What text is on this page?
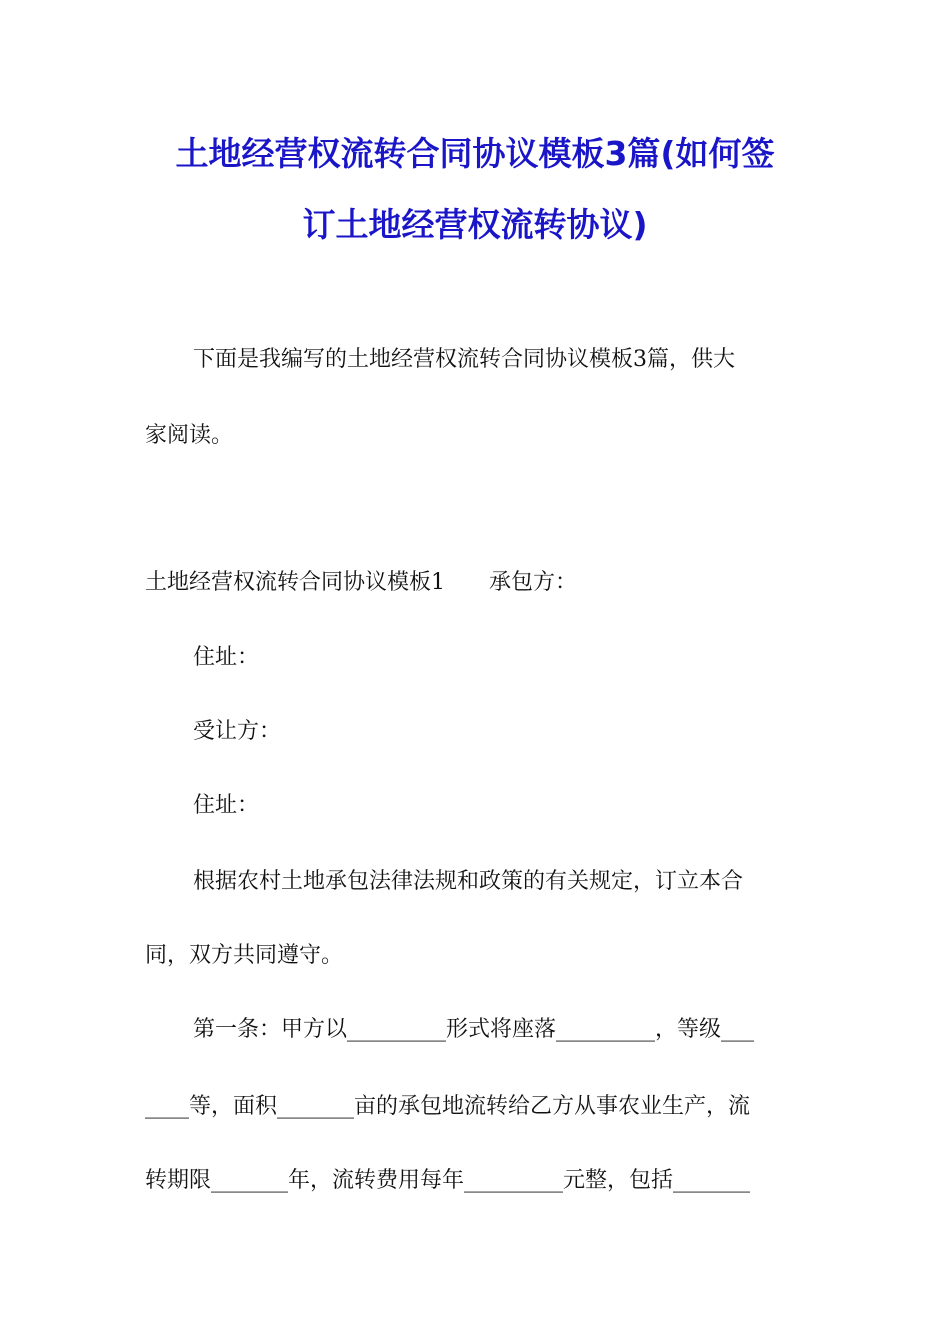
土地经营权流转合同协议模板3篇(如何签
订土地经营权流转协议)
下面是我编写的土地经营权流转合同协议模板3篇，供大
家阅读。
土地经营权流转合同协议模板1　　承包方：
住址：
受让方：
住址：
根据农村土地承包法律法规和政策的有关规定，订立本合
同，双方共同遵守。
第一条：甲方以_________形式将座落_________，等级___
____等，面积_______亩的承包地流转给乙方从事农业生产，流
转期限_______年，流转费用每年_________元整，包括_______
